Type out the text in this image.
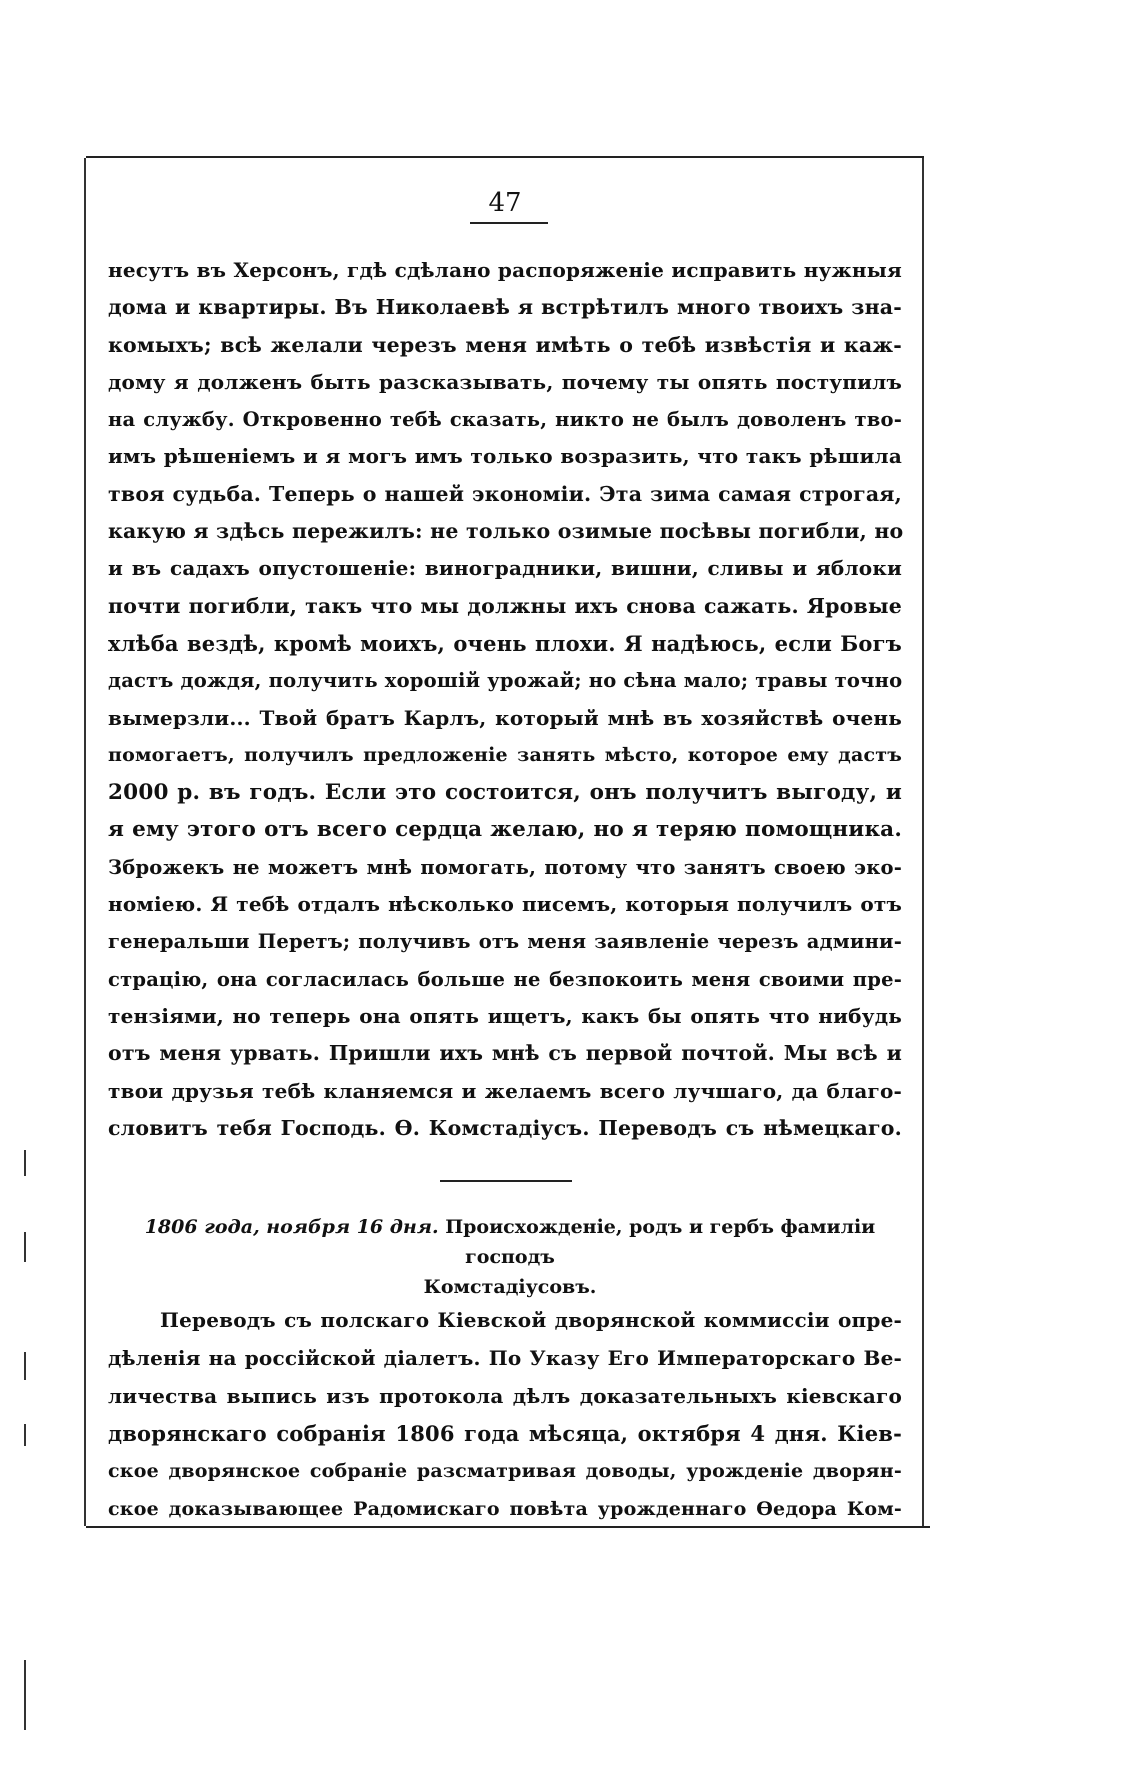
47
несутъ въ Херсонъ, гдѣ сдѣлано распоряженіе исправить нужныя
дома и квартиры. Въ Николаевѣ я встрѣтилъ много твоихъ зна-
комыхъ; всѣ желали черезъ меня имѣть о тебѣ извѣстія и каж-
дому я долженъ быть разсказывать, почему ты опять поступилъ
на службу. Откровенно тебѣ сказать, никто не былъ доволенъ тво-
имъ рѣшеніемъ и я могъ имъ только возразить, что такъ рѣшила
твоя судьба. Теперь о нашей экономіи. Эта зима самая строгая,
какую я здѣсь пережилъ: не только озимые посѣвы погибли, но
и въ садахъ опустошеніе: виноградники, вишни, сливы и яблоки
почти погибли, такъ что мы должны ихъ снова сажать. Яровые
хлѣба вездѣ, кромѣ моихъ, очень плохи. Я надѣюсь, если Богъ
дастъ дождя, получить хорошій урожай; но сѣна мало; травы точно
вымерзли... Твой братъ Карлъ, который мнѣ въ хозяйствѣ очень
помогаетъ, получилъ предложеніе занять мѣсто, которое ему дастъ
2000 р. въ годъ. Если это состоится, онъ получитъ выгоду, и
я ему этого отъ всего сердца желаю, но я теряю помощника.
Зброжекъ не можетъ мнѣ помогать, потому что занятъ своею эко-
номіею. Я тебѣ отдалъ нѣсколько писемъ, которыя получилъ отъ
генеральши Перетъ; получивъ отъ меня заявленіе черезъ админи-
страцію, она согласилась больше не безпокоить меня своими пре-
тензіями, но теперь она опять ищетъ, какъ бы опять что нибудь
отъ меня урвать. Пришли ихъ мнѣ съ первой почтой. Мы всѣ и
твои друзья тебѣ кланяемся и желаемъ всего лучшаго, да благо-
словитъ тебя Господь. Ѳ. Комстадіусъ. Переводъ съ нѣмецкаго.
1806 года, ноября 16 дня. Происхожденіе, родъ и гербъ фамиліи господъ
Комстадіусовъ.
Переводъ съ полскаго Кіевской дворянской коммиссіи опре-
дѣленія на россійской діалетъ. По Указу Его Императорскаго Ве-
личества выпись изъ протокола дѣлъ доказательныхъ кіевскаго
дворянскаго собранія 1806 года мѣсяца, октября 4 дня. Кіев-
ское дворянское собраніе разсматривая доводы, урожденіе дворян-
ское доказывающее Радомискаго повѣта урожденнаго Ѳедора Ком-
